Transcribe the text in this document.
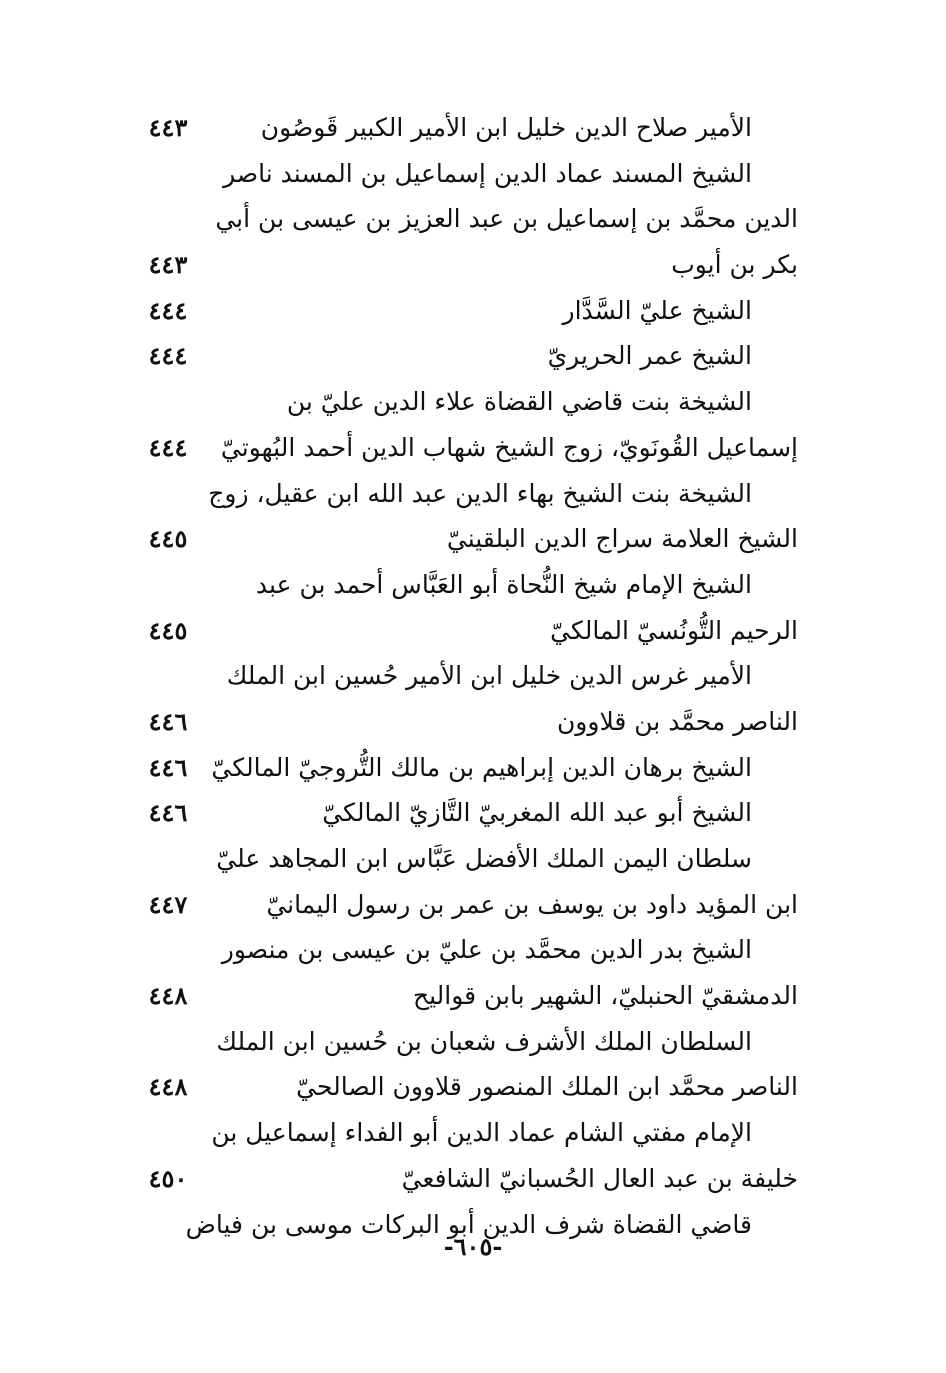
الأمير صلاح الدين خليل ابن الأمير الكبير قَوصُون
٤٤٣
الشيخ المسند عماد الدين إسماعيل بن المسند ناصر
الدين محمَّد بن إسماعيل بن عبد العزيز بن عيسى بن أبي
بكر بن أيوب
٤٤٣
الشيخ عليّ السَّدَّار
٤٤٤
الشيخ عمر الحريريّ
٤٤٤
الشيخة بنت قاضي القضاة علاء الدين عليّ بن
إسماعيل القُونَويّ، زوج الشيخ شهاب الدين أحمد البُهوتيّ
٤٤٤
الشيخة بنت الشيخ بهاء الدين عبد الله ابن عقيل، زوج
الشيخ العلامة سراج الدين البلقينيّ
٤٤٥
الشيخ الإمام شيخ النُّحاة أبو العَبَّاس أحمد بن عبد
الرحيم التُّونُسيّ المالكيّ
٤٤٥
الأمير غرس الدين خليل ابن الأمير حُسين ابن الملك
الناصر محمَّد بن قلاوون
٤٤٦
الشيخ برهان الدين إبراهيم بن مالك التُّروجيّ المالكيّ
٤٤٦
الشيخ أبو عبد الله المغربيّ التَّازيّ المالكيّ
٤٤٦
سلطان اليمن الملك الأفضل عَبَّاس ابن المجاهد عليّ
ابن المؤيد داود بن يوسف بن عمر بن رسول اليمانيّ
٤٤٧
الشيخ بدر الدين محمَّد بن عليّ بن عيسى بن منصور
الدمشقيّ الحنبليّ، الشهير بابن قواليح
٤٤٨
السلطان الملك الأشرف شعبان بن حُسين ابن الملك
الناصر محمَّد ابن الملك المنصور قلاوون الصالحيّ
٤٤٨
الإمام مفتي الشام عماد الدين أبو الفداء إسماعيل بن
خليفة بن عبد العال الحُسبانيّ الشافعيّ
٤٥٠
قاضي القضاة شرف الدين أبو البركات موسى بن فياض
-٦٠٥-
